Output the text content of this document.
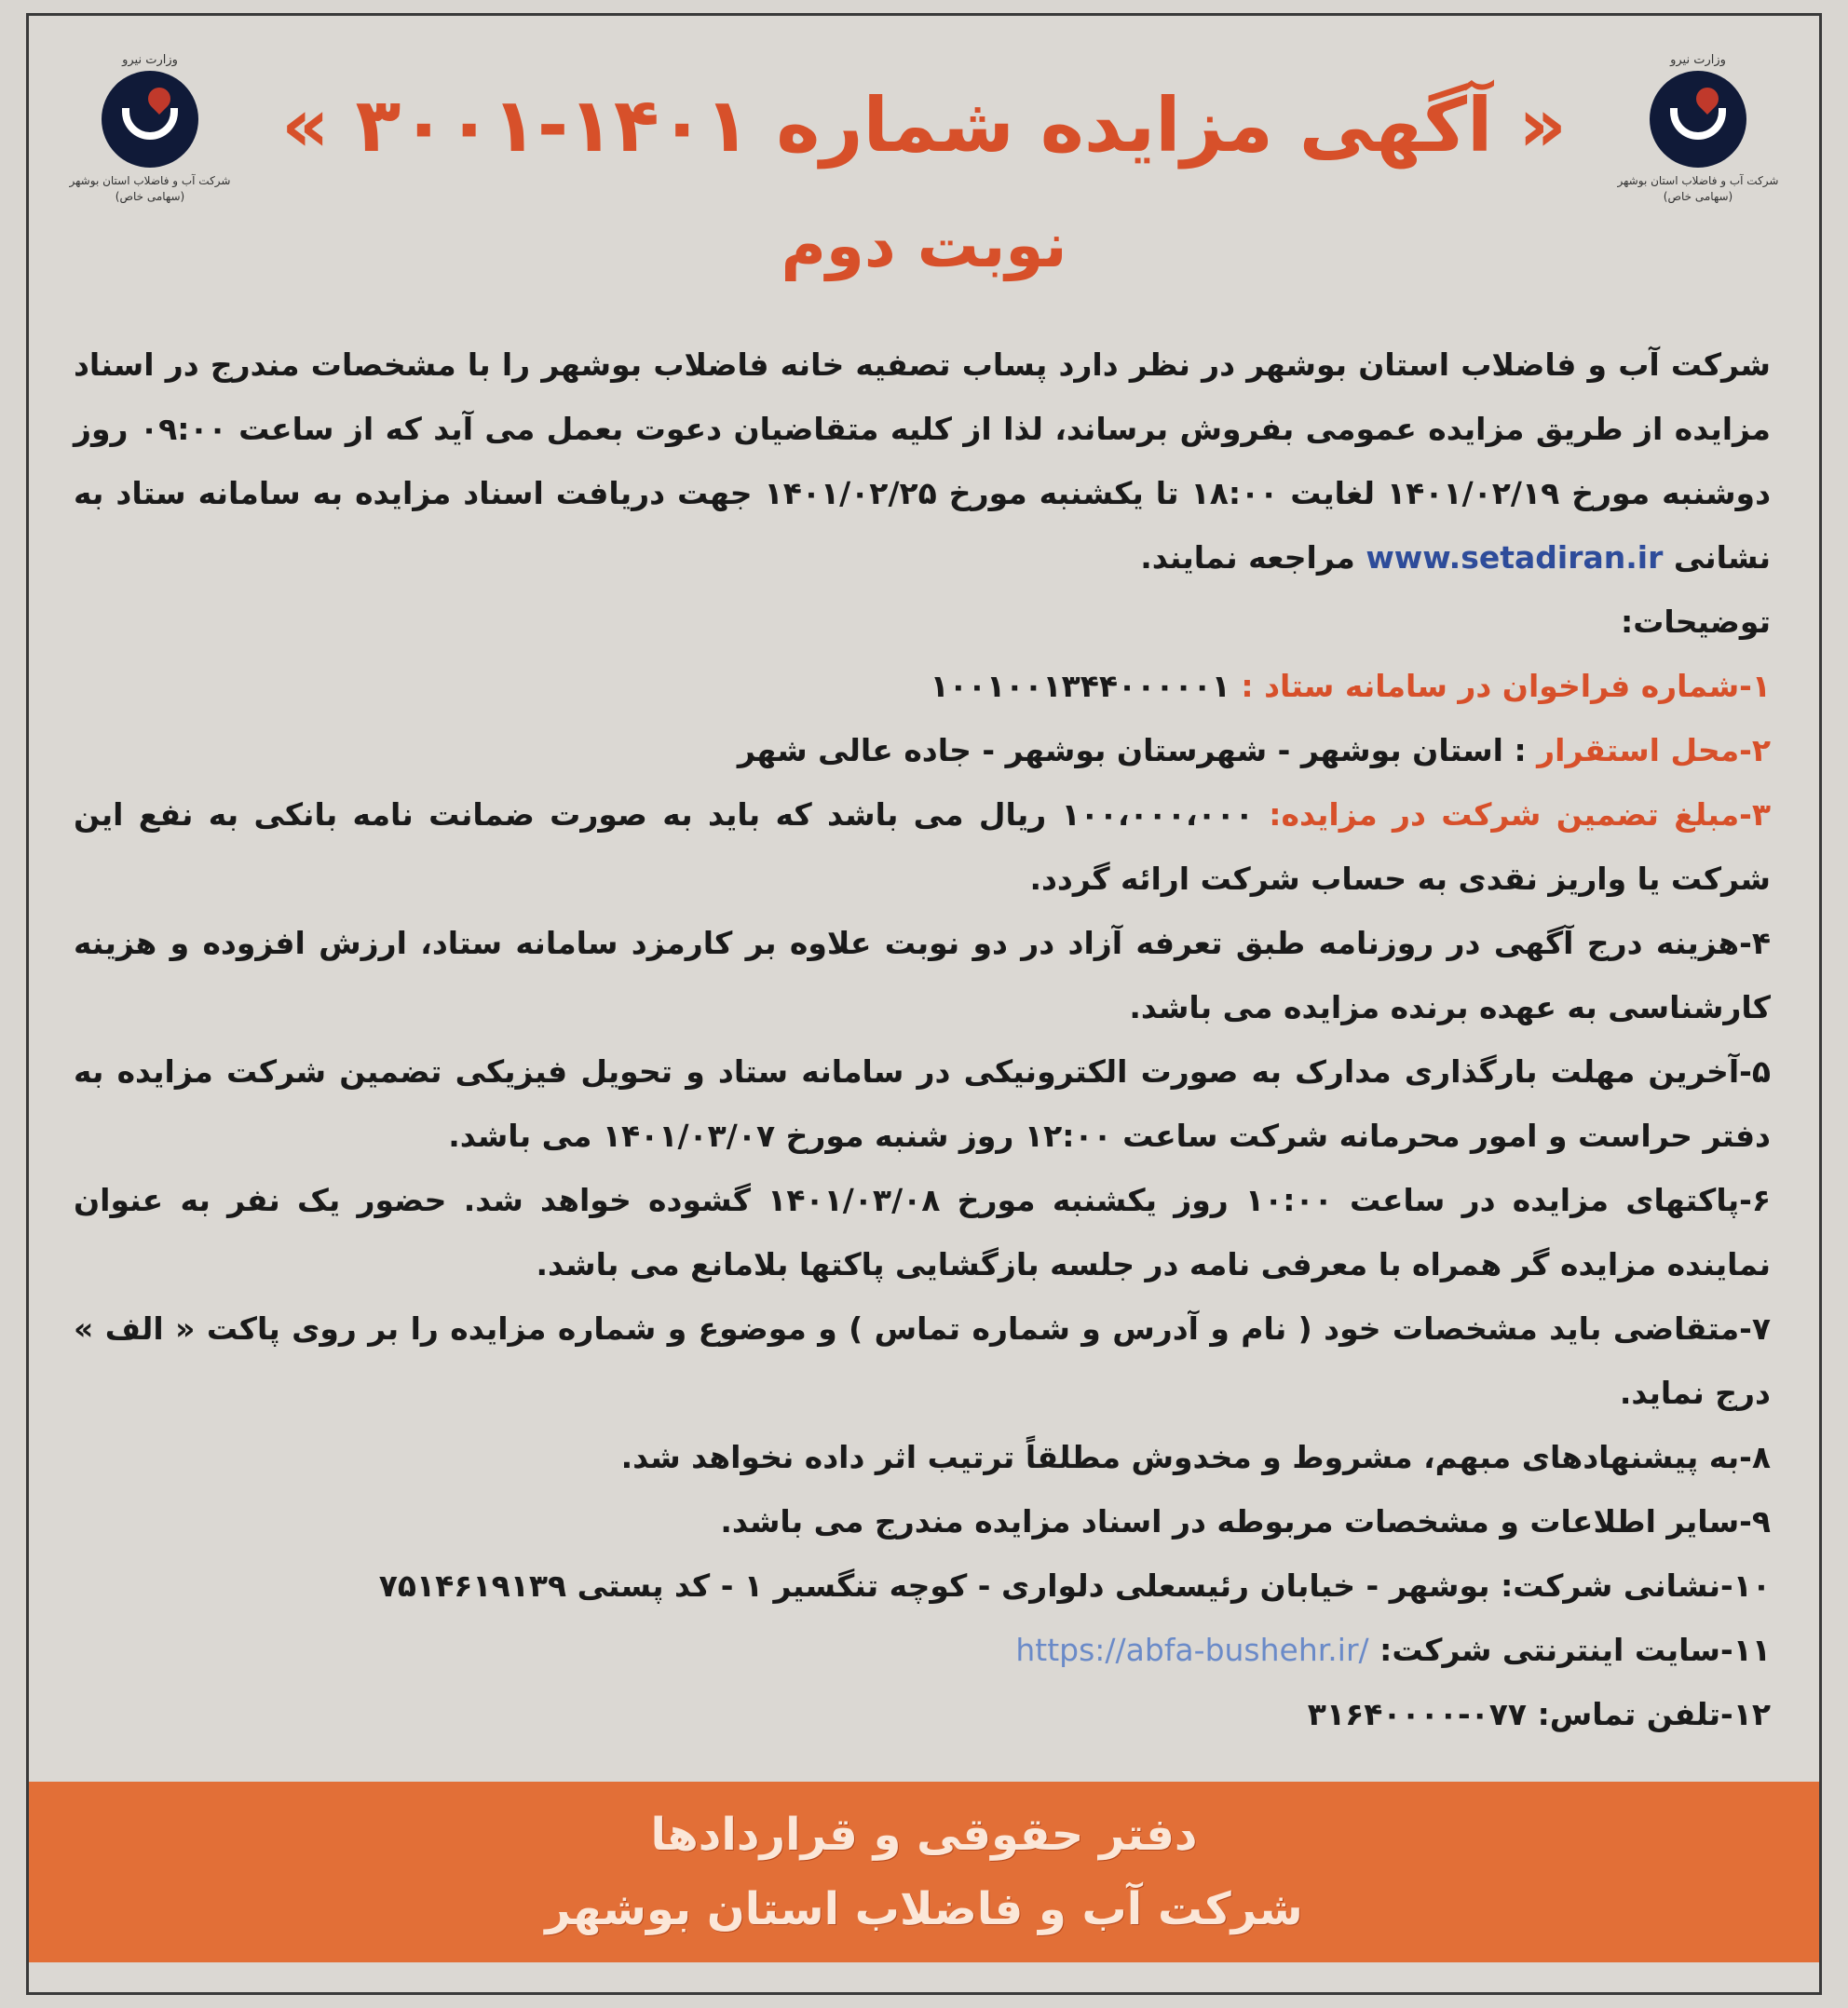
وزارت نیرو
شرکت آب و فاضلاب استان بوشهر (سهامی خاص)
وزارت نیرو
شرکت آب و فاضلاب استان بوشهر (سهامی خاص)
« آگهی مزایده شماره ۱۴۰۱-۳۰۰۱ »
نوبت دوم

شرکت آب و فاضلاب استان بوشهر در نظر دارد پساب تصفیه خانه فاضلاب بوشهر را با مشخصات مندرج در اسناد مزایده از طریق مزایده عمومی بفروش برساند، لذا از کلیه متقاضیان دعوت بعمل می آید که از ساعت ۰۹:۰۰ روز دوشنبه مورخ ۱۴۰۱/۰۲/۱۹ لغایت ۱۸:۰۰ تا یکشنبه مورخ ۱۴۰۱/۰۲/۲۵ جهت دریافت اسناد مزایده به سامانه ستاد به نشانی www.setadiran.ir مراجعه نمایند.

توضیحات:

۱-شماره فراخوان در سامانه ستاد : ۱۰۰۱۰۰۱۳۴۴۰۰۰۰۰۱

۲-محل استقرار : استان بوشهر - شهرستان بوشهر - جاده عالی شهر

۳-مبلغ تضمین شرکت در مزایده: ۱۰۰،۰۰۰،۰۰۰ ریال می باشد که باید به صورت ضمانت نامه بانکی به نفع این شرکت یا واریز نقدی به حساب شرکت ارائه گردد.

۴-هزینه درج آگهی در روزنامه طبق تعرفه آزاد در دو نوبت علاوه بر کارمزد سامانه ستاد، ارزش افزوده و هزینه کارشناسی به عهده برنده مزایده می باشد.

۵-آخرین مهلت بارگذاری مدارک به صورت الکترونیکی در سامانه ستاد و تحویل فیزیکی تضمین شرکت مزایده به دفتر حراست و امور محرمانه شرکت ساعت ۱۲:۰۰ روز شنبه مورخ ۱۴۰۱/۰۳/۰۷ می باشد.

۶-پاکتهای مزایده در ساعت ۱۰:۰۰ روز یکشنبه مورخ ۱۴۰۱/۰۳/۰۸ گشوده خواهد شد. حضور یک نفر به عنوان نماینده مزایده گر همراه با معرفی نامه در جلسه بازگشایی پاکتها بلامانع می باشد.

۷-متقاضی باید مشخصات خود ( نام و آدرس و شماره تماس ) و موضوع و شماره مزایده را بر روی پاکت « الف » درج نماید.

۸-به پیشنهادهای مبهم، مشروط و مخدوش مطلقاً ترتیب اثر داده نخواهد شد.

۹-سایر اطلاعات و مشخصات مربوطه در اسناد مزایده مندرج می باشد.

۱۰-نشانی شرکت: بوشهر - خیابان رئیسعلی دلواری - کوچه تنگسیر ۱ - کد پستی ۷۵۱۴۶۱۹۱۳۹

۱۱-سایت اینترنتی شرکت: https://abfa-bushehr.ir/

۱۲-تلفن تماس: ۰۷۷-۳۱۶۴۰۰۰۰

دفتر حقوقی و قراردادها
شرکت آب و فاضلاب استان بوشهر
